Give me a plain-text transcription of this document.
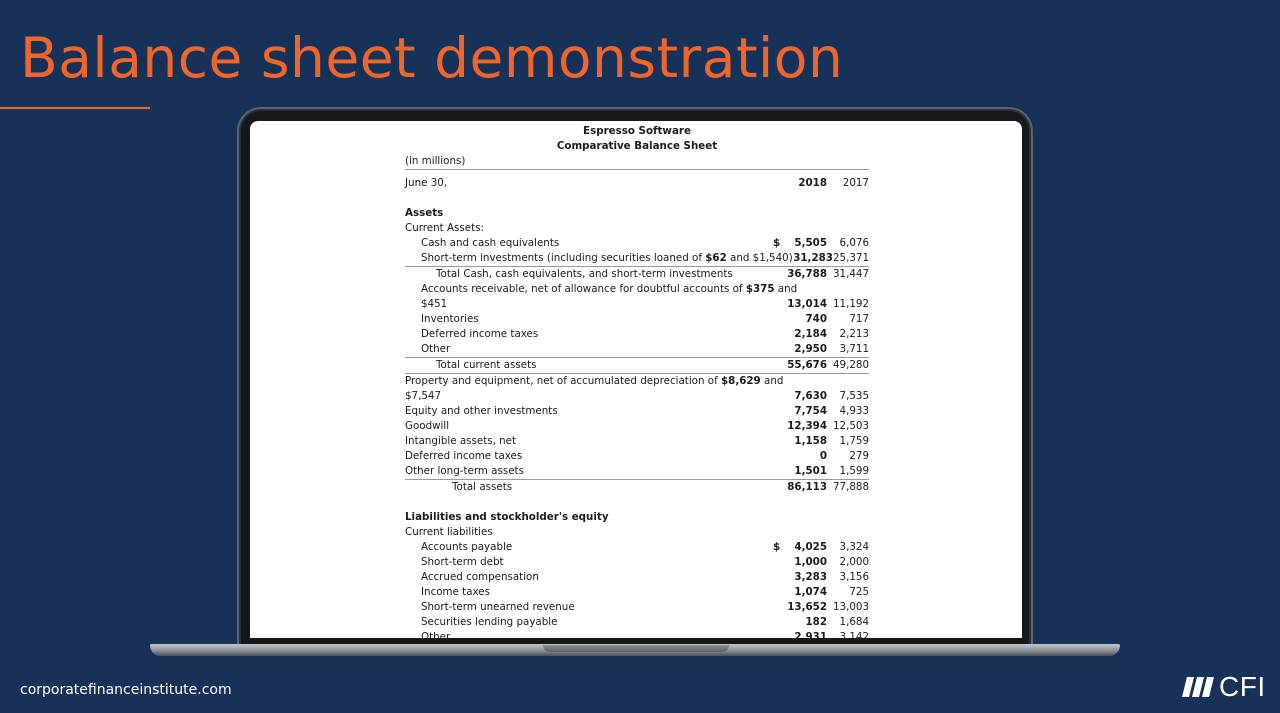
Balance sheet demonstration
Espresso Software
Comparative Balance Sheet
(in millions)
June 30,	2018	2017
Assets
Current Assets:
Cash and cash equivalents	$	5,505	6,076
Short-term investments (including securities loaned of $62 and $1,540) 31,283 25,371
Total Cash, cash equivalents, and short-term investments	36,788 31,447
Accounts receivable, net of allowance for doubtful accounts of $375 and
$451	13,014 11,192
Inventories	740	717
Deferred income taxes	2,184	2,213
Other	2,950	3,711
Total current assets	55,676 49,280
Property and equipment, net of accumulated depreciation of $8,629 and
$7,547	7,630	7,535
Equity and other investments	7,754	4,933
Goodwill	12,394 12,503
Intangible assets, net	1,158	1,759
Deferred income taxes	0	279
Other long-term assets	1,501	1,599
Total assets	86,113 77,888
Liabilities and stockholder's equity
Current liabilities
Accounts payable	$	4,025	3,324
Short-term debt	1,000	2,000
Accrued compensation	3,283	3,156
Income taxes	1,074	725
Short-term unearned revenue	13,652 13,003
Securities lending payable	182	1,684
Other	2,931	3,142
corporatefinanceinstitute.com	CFI
